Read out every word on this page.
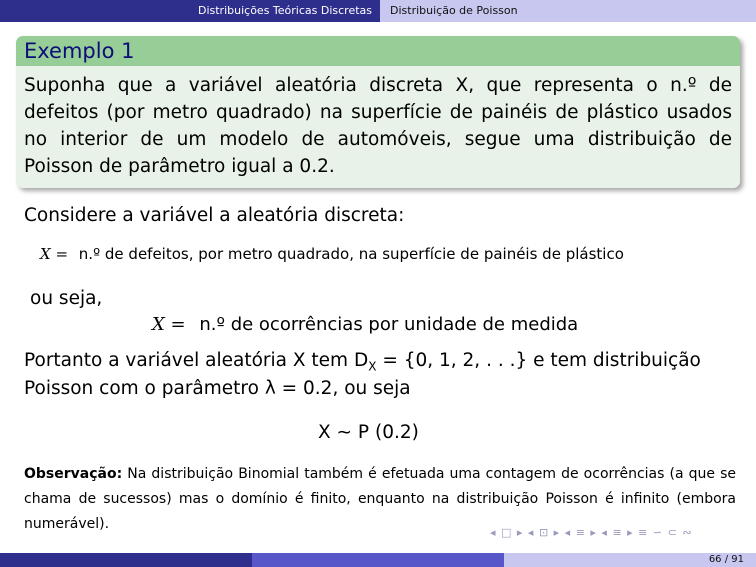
Distribuições Teóricas Discretas	Distribuição de Poisson
Exemplo 1
Suponha que a variável aleatória discreta X, que representa o n.º de defeitos (por metro quadrado) na superfície de painéis de plástico usados no interior de um modelo de automóveis, segue uma distribuição de Poisson de parâmetro igual a 0.2.
Considere a variável a aleatória discreta:
X = n.º de defeitos, por metro quadrado, na superfície de painéis de plástico
ou seja,
X = n.º de ocorrências por unidade de medida
Portanto a variável aleatória X tem $D_X = \{0$, 1, 2, . . .} e tem distribuição
Poisson com o parâmetro λ = 0.2, ou seja
X ∼ P (0.2)
Observação: Na distribuição Binomial também é efetuada uma contagem de ocorrências (a que se chama de sucessos) mas o domínio é finito, enquanto na distribuição Poisson é infinito (embora numerável).
◂ □ ▸ ◂ ⊡ ▸ ◂ ≡ ▸ ◂ ≡ ▸ ≡ ∽ ⊂ ∾
66 / 91
